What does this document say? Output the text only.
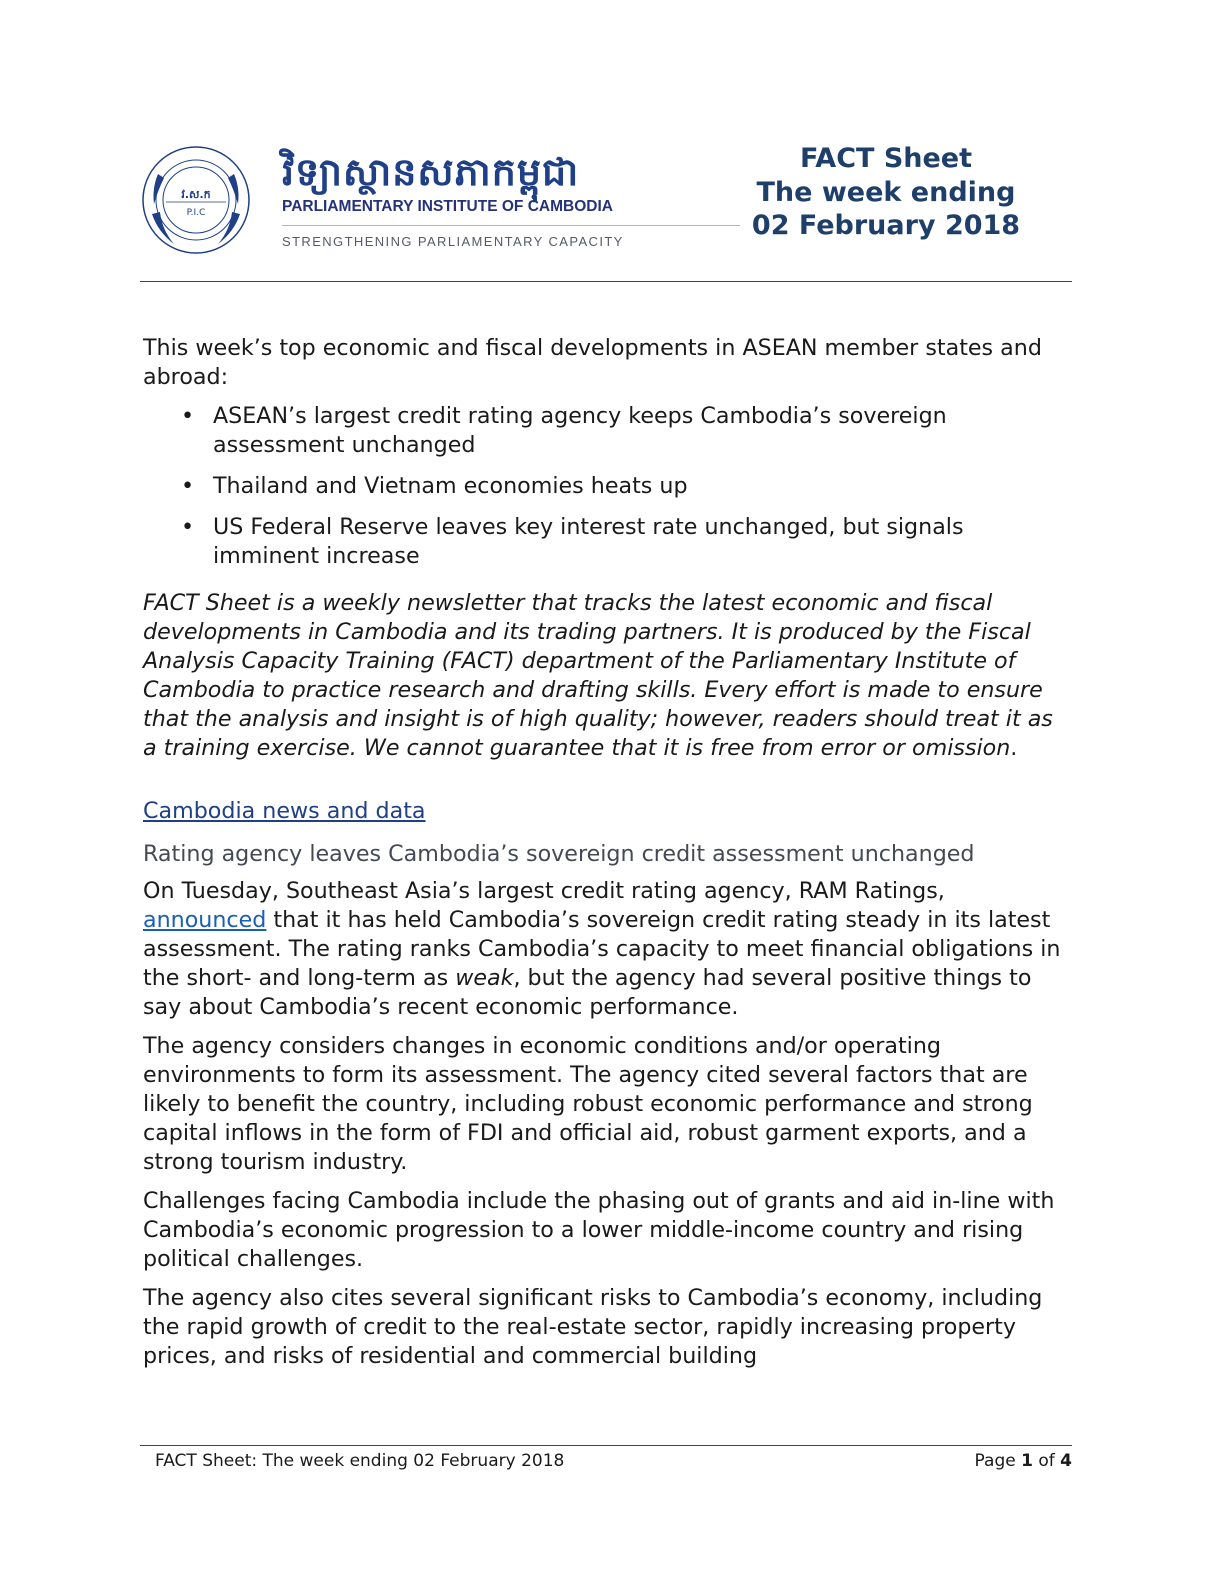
វ.ស.ក
P.I.C
វិទ្យាស្ថានសភាកម្ពុជា
PARLIAMENTARY INSTITUTE OF CAMBODIA
STRENGTHENING PARLIAMENTARY CAPACITY
FACT Sheet
The week ending
02 February 2018

This week’s top economic and fiscal developments in ASEAN member states and abroad:

• ASEAN’s largest credit rating agency keeps Cambodia’s sovereign assessment unchanged
• Thailand and Vietnam economies heats up
• US Federal Reserve leaves key interest rate unchanged, but signals imminent increase

FACT Sheet is a weekly newsletter that tracks the latest economic and fiscal developments in Cambodia and its trading partners. It is produced by the Fiscal Analysis Capacity Training (FACT) department of the Parliamentary Institute of Cambodia to practice research and drafting skills. Every effort is made to ensure that the analysis and insight is of high quality; however, readers should treat it as a training exercise. We cannot guarantee that it is free from error or omission.

Cambodia news and data

Rating agency leaves Cambodia’s sovereign credit assessment unchanged

On Tuesday, Southeast Asia’s largest credit rating agency, RAM Ratings, announced that it has held Cambodia’s sovereign credit rating steady in its latest assessment. The rating ranks Cambodia’s capacity to meet financial obligations in the short- and long-term as weak, but the agency had several positive things to say about Cambodia’s recent economic performance.

The agency considers changes in economic conditions and/or operating environments to form its assessment. The agency cited several factors that are likely to benefit the country, including robust economic performance and strong capital inflows in the form of FDI and official aid, robust garment exports, and a strong tourism industry.

Challenges facing Cambodia include the phasing out of grants and aid in-line with Cambodia’s economic progression to a lower middle-income country and rising political challenges.

The agency also cites several significant risks to Cambodia’s economy, including the rapid growth of credit to the real-estate sector, rapidly increasing property prices, and risks of residential and commercial building

FACT Sheet: The week ending 02 February 2018	Page 1 of 4
